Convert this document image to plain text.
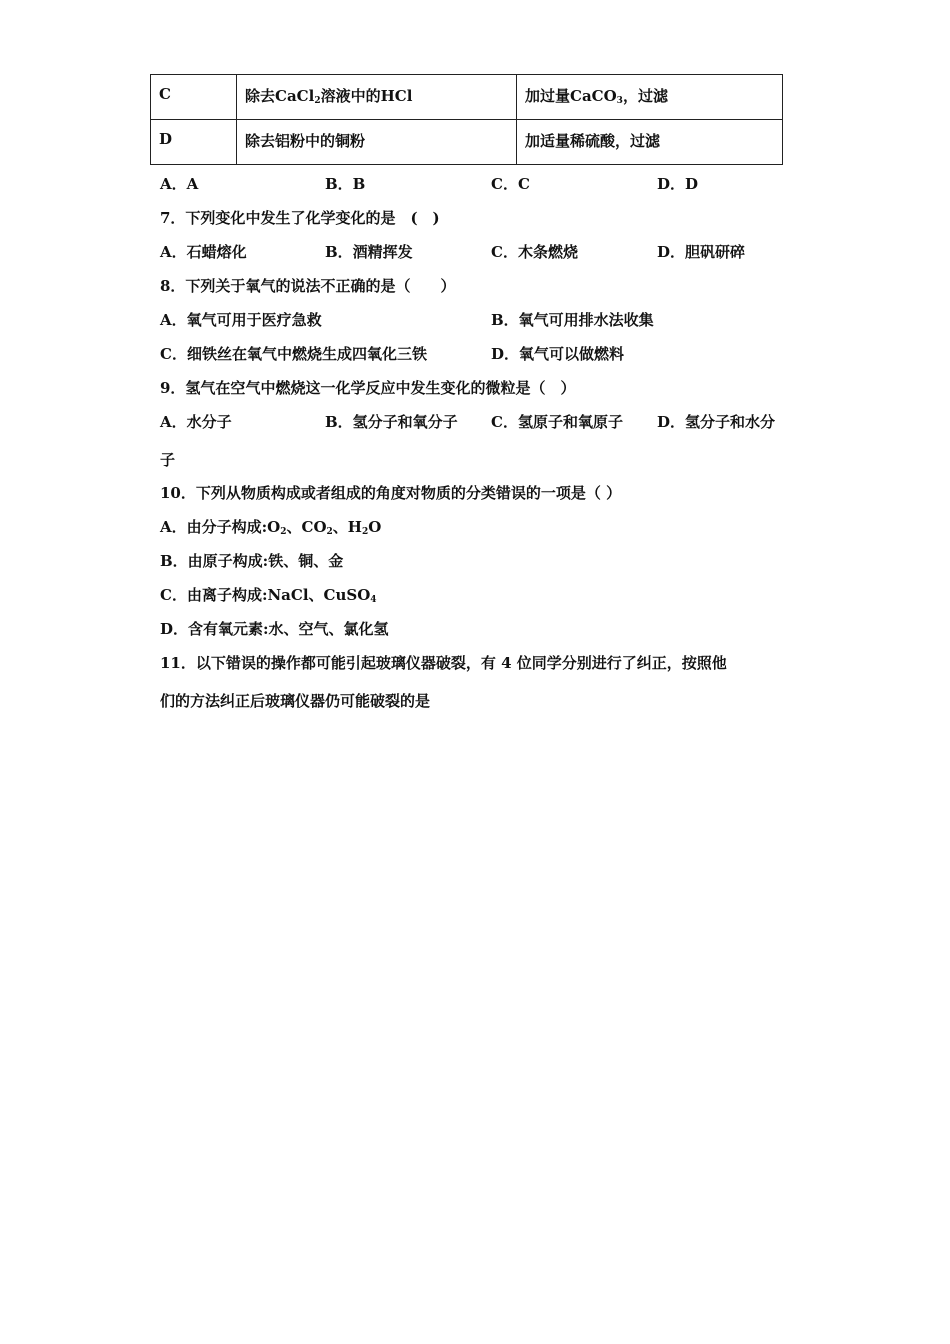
C	除去CaCl$_2$溶液中的HCl	加过量CaCO$_3$，过滤
D	除去铝粉中的铜粉	加适量稀硫酸，过滤
A．A	B．B	C．C	D．D
7．下列变化中发生了化学变化的是　(　)
A．石蜡熔化	B．酒精挥发	C．木条燃烧	D．胆矾研碎
8．下列关于氧气的说法不正确的是（　　）
A．氧气可用于医疗急救	B．氧气可用排水法收集
C．细铁丝在氧气中燃烧生成四氧化三铁	D．氧气可以做燃料
9．氢气在空气中燃烧这一化学反应中发生变化的微粒是（　）
A．水分子	B．氢分子和氧分子 C．氢原子和氧原子 D．氢分子和水分
子
10．下列从物质构成或者组成的角度对物质的分类错误的一项是（ ）
A．由分子构成$:O_2$、$CO_2$、$H_2O$
B．由原子构成:铁、铜、金
C．由离子构成:NaCl、CuSO$_4$
D．含有氧元素:水、空气、氯化氢
11．以下错误的操作都可能引起玻璃仪器破裂，有 4 位同学分别进行了纠正，按照他
们的方法纠正后玻璃仪器仍可能破裂的是
